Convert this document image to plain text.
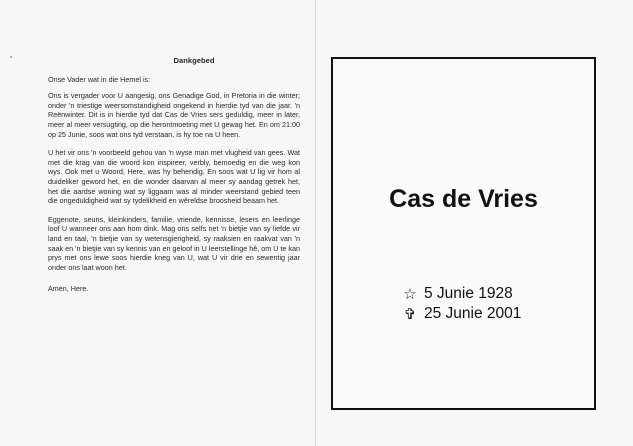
Dankgebed

Onse Vader wat in die Hemel is:

Ons is vergader voor U aangesig, ons Genadige God, in Pretoria in die winter; onder 'n triestige weersomstandigheid ongekend in hierdie tyd van die jaar. 'n Reënwinter. Dit is in hierdie tyd dat Cas de Vries sers geduldig, meer in later, meer al meer versugting, op die herontmoeting met U gewag het. En om 21:00 op 25 Junie, soos wat ons tyd verstaan, is hy toe na U heen.

U het vir ons 'n voorbeeld gehou van 'n wyse man met vlugheid van gees. Wat met die krag van die woord kon inspireer, verbly, bemoedig en die weg kon wys. Ook met u Woord, Here, was hy behendig. En soos wat U lig vir hom al duideliker geword het, en die wonder daarvan al meer sy aandag getrek het, het die aardse woning wat sy liggaam was al minder weerstand gebied teen die ongeduldigheid wat sy tydelikheid en wêreldse broosheid beaam het.

Eggenote, seuns, kleinkinders, familie, vriende, kennisse, lesers en leerlinge loof U wanneer ons aan hom dink. Mag ons selfs net 'n bietjie van sy liefde vir land en taal, 'n bietjie van sy wetensgierigheid, sy raaksien en raakvat van 'n saak en 'n bietjie van sy kennis van en geloof in U leerstellinge hê, om U te kan prys met ons lewe soos hierdie kneg van U, wat U vir drie en sewentig jaar onder ons laat woon het.

Amen, Here.

Cas de Vries
☆ 5 Junie 1928
✞ 25 Junie 2001
